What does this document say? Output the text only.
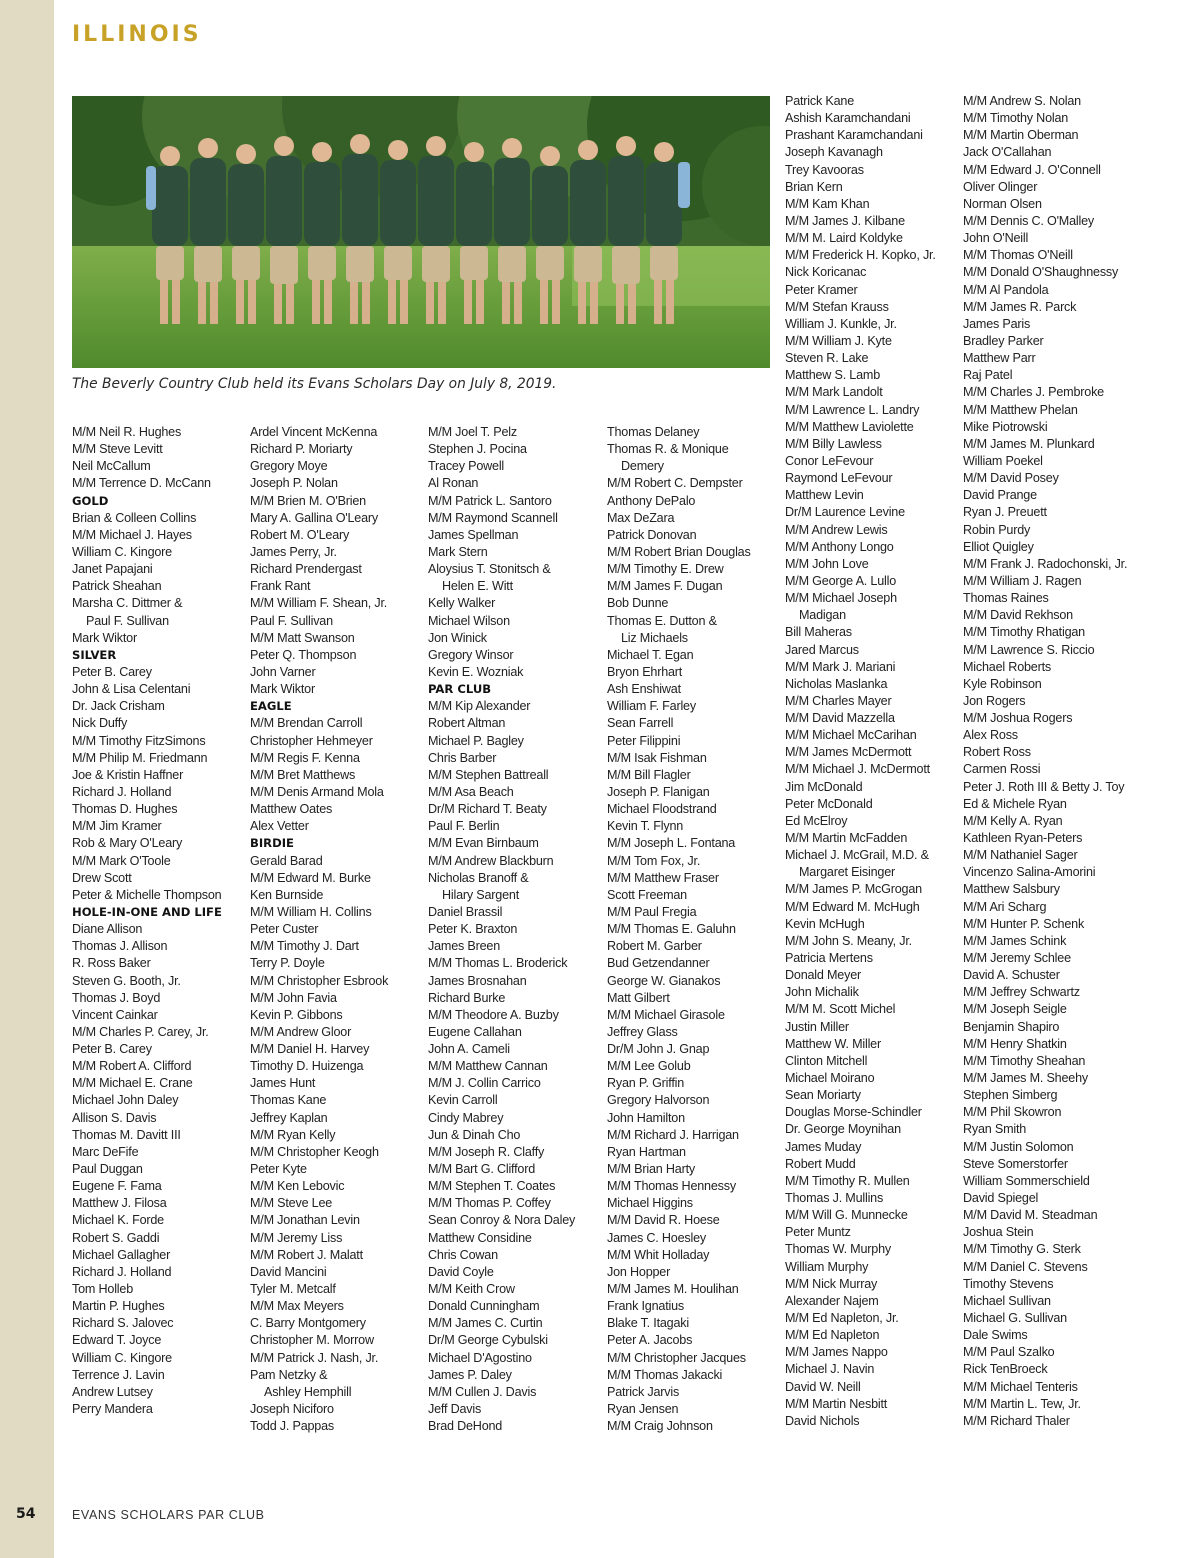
ILLINOIS
The Beverly Country Club held its Evans Scholars Day on July 8, 2019.
M/M Neil R. Hughes
M/M Steve Levitt
Neil McCallum
M/M Terrence D. McCann
GOLD
Brian & Colleen Collins
M/M Michael J. Hayes
William C. Kingore
Janet Papajani
Patrick Sheahan
Marsha C. Dittmer &
Paul F. Sullivan
Mark Wiktor
SILVER
Peter B. Carey
John & Lisa Celentani
Dr. Jack Crisham
Nick Duffy
M/M Timothy FitzSimons
M/M Philip M. Friedmann
Joe & Kristin Haffner
Richard J. Holland
Thomas D. Hughes
M/M Jim Kramer
Rob & Mary O'Leary
M/M Mark O'Toole
Drew Scott
Peter & Michelle Thompson
HOLE-IN-ONE AND LIFE
Diane Allison
Thomas J. Allison
R. Ross Baker
Steven G. Booth, Jr.
Thomas J. Boyd
Vincent Cainkar
M/M Charles P. Carey, Jr.
Peter B. Carey
M/M Robert A. Clifford
M/M Michael E. Crane
Michael John Daley
Allison S. Davis
Thomas M. Davitt III
Marc DeFife
Paul Duggan
Eugene F. Fama
Matthew J. Filosa
Michael K. Forde
Robert S. Gaddi
Michael Gallagher
Richard J. Holland
Tom Holleb
Martin P. Hughes
Richard S. Jalovec
Edward T. Joyce
William C. Kingore
Terrence J. Lavin
Andrew Lutsey
Perry Mandera
Ardel Vincent McKenna
Richard P. Moriarty
Gregory Moye
Joseph P. Nolan
M/M Brien M. O'Brien
Mary A. Gallina O'Leary
Robert M. O'Leary
James Perry, Jr.
Richard Prendergast
Frank Rant
M/M William F. Shean, Jr.
Paul F. Sullivan
M/M Matt Swanson
Peter Q. Thompson
John Varner
Mark Wiktor
EAGLE
M/M Brendan Carroll
Christopher Hehmeyer
M/M Regis F. Kenna
M/M Bret Matthews
M/M Denis Armand Mola
Matthew Oates
Alex Vetter
BIRDIE
Gerald Barad
M/M Edward M. Burke
Ken Burnside
M/M William H. Collins
Peter Custer
M/M Timothy J. Dart
Terry P. Doyle
M/M Christopher Esbrook
M/M John Favia
Kevin P. Gibbons
M/M Andrew Gloor
M/M Daniel H. Harvey
Timothy D. Huizenga
James Hunt
Thomas Kane
Jeffrey Kaplan
M/M Ryan Kelly
M/M Christopher Keogh
Peter Kyte
M/M Ken Lebovic
M/M Steve Lee
M/M Jonathan Levin
M/M Jeremy Liss
M/M Robert J. Malatt
David Mancini
Tyler M. Metcalf
M/M Max Meyers
C. Barry Montgomery
Christopher M. Morrow
M/M Patrick J. Nash, Jr.
Pam Netzky &
Ashley Hemphill
Joseph Niciforo
Todd J. Pappas
M/M Joel T. Pelz
Stephen J. Pocina
Tracey Powell
Al Ronan
M/M Patrick L. Santoro
M/M Raymond Scannell
James Spellman
Mark Stern
Aloysius T. Stonitsch &
Helen E. Witt
Kelly Walker
Michael Wilson
Jon Winick
Gregory Winsor
Kevin E. Wozniak
PAR CLUB
M/M Kip Alexander
Robert Altman
Michael P. Bagley
Chris Barber
M/M Stephen Battreall
M/M Asa Beach
Dr/M Richard T. Beaty
Paul F. Berlin
M/M Evan Birnbaum
M/M Andrew Blackburn
Nicholas Branoff &
Hilary Sargent
Daniel Brassil
Peter K. Braxton
James Breen
M/M Thomas L. Broderick
James Brosnahan
Richard Burke
M/M Theodore A. Buzby
Eugene Callahan
John A. Cameli
M/M Matthew Cannan
M/M J. Collin Carrico
Kevin Carroll
Cindy Mabrey
Jun & Dinah Cho
M/M Joseph R. Claffy
M/M Bart G. Clifford
M/M Stephen T. Coates
M/M Thomas P. Coffey
Sean Conroy & Nora Daley
Matthew Considine
Chris Cowan
David Coyle
M/M Keith Crow
Donald Cunningham
M/M James C. Curtin
Dr/M George Cybulski
Michael D'Agostino
James P. Daley
M/M Cullen J. Davis
Jeff Davis
Brad DeHond
Thomas Delaney
Thomas R. & Monique
Demery
M/M Robert C. Dempster
Anthony DePalo
Max DeZara
Patrick Donovan
M/M Robert Brian Douglas
M/M Timothy E. Drew
M/M James F. Dugan
Bob Dunne
Thomas E. Dutton &
Liz Michaels
Michael T. Egan
Bryon Ehrhart
Ash Enshiwat
William F. Farley
Sean Farrell
Peter Filippini
M/M Isak Fishman
M/M Bill Flagler
Joseph P. Flanigan
Michael Floodstrand
Kevin T. Flynn
M/M Joseph L. Fontana
M/M Tom Fox, Jr.
M/M Matthew Fraser
Scott Freeman
M/M Paul Fregia
M/M Thomas E. Galuhn
Robert M. Garber
Bud Getzendanner
George W. Gianakos
Matt Gilbert
M/M Michael Girasole
Jeffrey Glass
Dr/M John J. Gnap
M/M Lee Golub
Ryan P. Griffin
Gregory Halvorson
John Hamilton
M/M Richard J. Harrigan
Ryan Hartman
M/M Brian Harty
M/M Thomas Hennessy
Michael Higgins
M/M David R. Hoese
James C. Hoesley
M/M Whit Holladay
Jon Hopper
M/M James M. Houlihan
Frank Ignatius
Blake T. Itagaki
Peter A. Jacobs
M/M Christopher Jacques
M/M Thomas Jakacki
Patrick Jarvis
Ryan Jensen
M/M Craig Johnson
Patrick Kane
Ashish Karamchandani
Prashant Karamchandani
Joseph Kavanagh
Trey Kavooras
Brian Kern
M/M Kam Khan
M/M James J. Kilbane
M/M M. Laird Koldyke
M/M Frederick H. Kopko, Jr.
Nick Koricanac
Peter Kramer
M/M Stefan Krauss
William J. Kunkle, Jr.
M/M William J. Kyte
Steven R. Lake
Matthew S. Lamb
M/M Mark Landolt
M/M Lawrence L. Landry
M/M Matthew Laviolette
M/M Billy Lawless
Conor LeFevour
Raymond LeFevour
Matthew Levin
Dr/M Laurence Levine
M/M Andrew Lewis
M/M Anthony Longo
M/M John Love
M/M George A. Lullo
M/M Michael Joseph
Madigan
Bill Maheras
Jared Marcus
M/M Mark J. Mariani
Nicholas Maslanka
M/M Charles Mayer
M/M David Mazzella
M/M Michael McCarihan
M/M James McDermott
M/M Michael J. McDermott
Jim McDonald
Peter McDonald
Ed McElroy
M/M Martin McFadden
Michael J. McGrail, M.D. &
Margaret Eisinger
M/M James P. McGrogan
M/M Edward M. McHugh
Kevin McHugh
M/M John S. Meany, Jr.
Patricia Mertens
Donald Meyer
John Michalik
M/M M. Scott Michel
Justin Miller
Matthew W. Miller
Clinton Mitchell
Michael Moirano
Sean Moriarty
Douglas Morse-Schindler
Dr. George Moynihan
James Muday
Robert Mudd
M/M Timothy R. Mullen
Thomas J. Mullins
M/M Will G. Munnecke
Peter Muntz
Thomas W. Murphy
William Murphy
M/M Nick Murray
Alexander Najem
M/M Ed Napleton, Jr.
M/M Ed Napleton
M/M James Nappo
Michael J. Navin
David W. Neill
M/M Martin Nesbitt
David Nichols
M/M Andrew S. Nolan
M/M Timothy Nolan
M/M Martin Oberman
Jack O'Callahan
M/M Edward J. O'Connell
Oliver Olinger
Norman Olsen
M/M Dennis C. O'Malley
John O'Neill
M/M Thomas O'Neill
M/M Donald O'Shaughnessy
M/M Al Pandola
M/M James R. Parck
James Paris
Bradley Parker
Matthew Parr
Raj Patel
M/M Charles J. Pembroke
M/M Matthew Phelan
Mike Piotrowski
M/M James M. Plunkard
William Poekel
M/M David Posey
David Prange
Ryan J. Preuett
Robin Purdy
Elliot Quigley
M/M Frank J. Radochonski, Jr.
M/M William J. Ragen
Thomas Raines
M/M David Rekhson
M/M Timothy Rhatigan
M/M Lawrence S. Riccio
Michael Roberts
Kyle Robinson
Jon Rogers
M/M Joshua Rogers
Alex Ross
Robert Ross
Carmen Rossi
Peter J. Roth III & Betty J. Toy
Ed & Michele Ryan
M/M Kelly A. Ryan
Kathleen Ryan-Peters
M/M Nathaniel Sager
Vincenzo Salina-Amorini
Matthew Salsbury
M/M Ari Scharg
M/M Hunter P. Schenk
M/M James Schink
M/M Jeremy Schlee
David A. Schuster
M/M Jeffrey Schwartz
M/M Joseph Seigle
Benjamin Shapiro
M/M Henry Shatkin
M/M Timothy Sheahan
M/M James M. Sheehy
Stephen Simberg
M/M Phil Skowron
Ryan Smith
M/M Justin Solomon
Steve Somerstorfer
William Sommerschield
David Spiegel
M/M David M. Steadman
Joshua Stein
M/M Timothy G. Sterk
M/M Daniel C. Stevens
Timothy Stevens
Michael Sullivan
Michael G. Sullivan
Dale Swims
M/M Paul Szalko
Rick TenBroeck
M/M Michael Tenteris
M/M Martin L. Tew, Jr.
M/M Richard Thaler
54	EVANS SCHOLARS PAR CLUB
